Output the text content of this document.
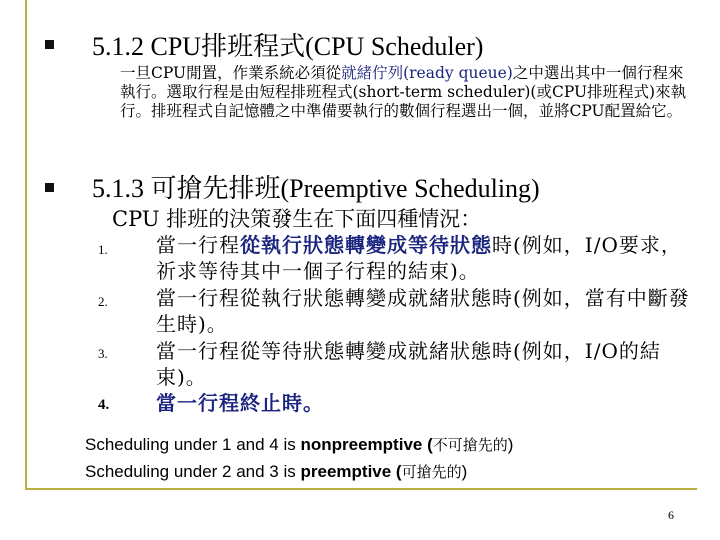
5.1.2 CPU排班程式(CPU Scheduler)
一旦CPU閒置，作業系統必須從就緒佇列(ready queue)之中選出其中一個行程來執行。選取行程是由短程排班程式(short-term scheduler)(或CPU排班程式)來執行。排班程式自記憶體之中準備要執行的數個行程選出一個，並將CPU配置給它。
5.1.3 可搶先排班(Preemptive Scheduling)
CPU 排班的決策發生在下面四種情況：
1. 當一行程從執行狀態轉變成等待狀態時(例如，I/O要求，祈求等待其中一個子行程的結束)。
2. 當一行程從執行狀態轉變成就緒狀態時(例如，當有中斷發生時)。
3. 當一行程從等待狀態轉變成就緒狀態時(例如，I/O的結束)。
4. 當一行程終止時。
Scheduling under 1 and 4 is nonpreemptive (不可搶先的)
Scheduling under 2 and 3 is preemptive (可搶先的)
6
